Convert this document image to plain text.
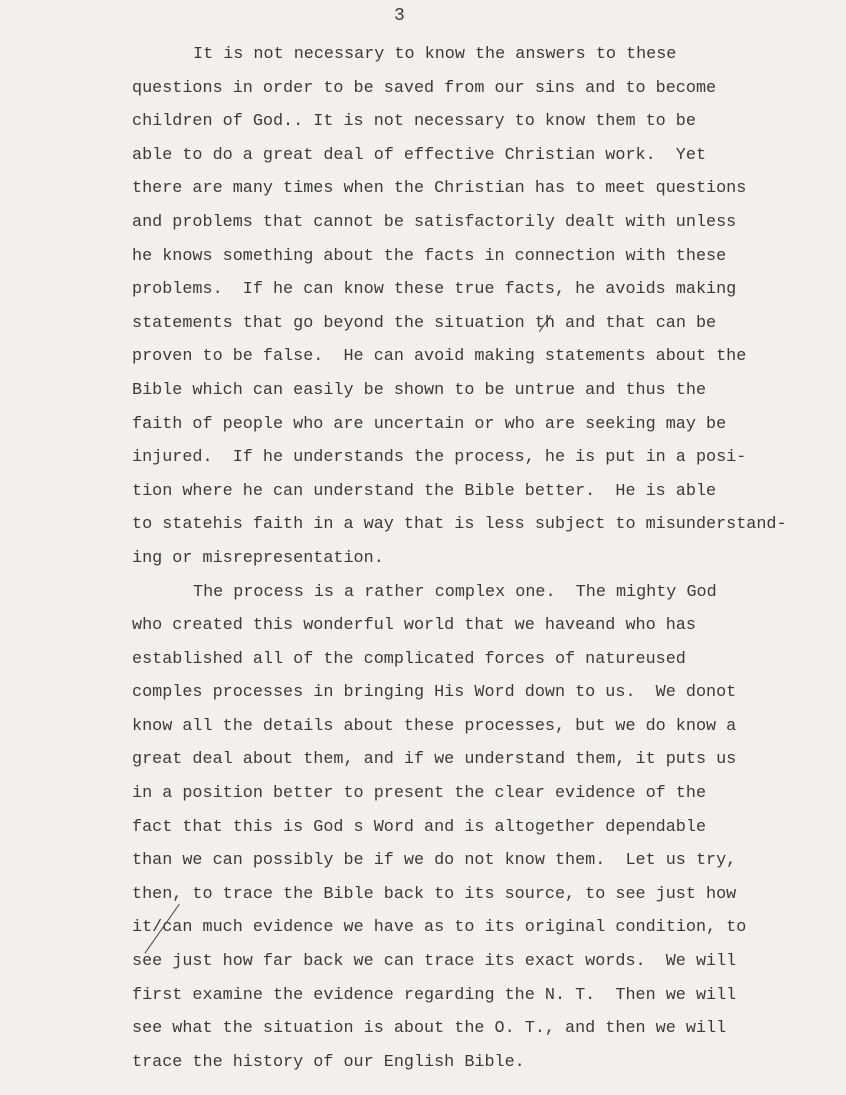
3
It is not necessary to know the answers to these
questions in order to be saved from our sins and to become
children of God.. It is not necessary to know them to be
able to do a great deal of effective Christian work.  Yet
there are many times when the Christian has to meet questions
and problems that cannot be satisfactorily dealt with unless
he knows something about the facts in connection with these
problems.  If he can know these true facts, he avoids making
statements that go beyond the situation th and that can be
proven to be false.  He can avoid making statements about the
Bible which can easily be shown to be untrue and thus the
faith of people who are uncertain or who are seeking may be
injured.  If he understands the process, he is put in a posi-
tion where he can understand the Bible better.  He is able
to statehis faith in a way that is less subject to misunderstand-
ing or misrepresentation.
The process is a rather complex one.  The mighty God
who created this wonderful world that we haveand who has
established all of the complicated forces of natureused
comples processes in bringing His Word down to us.  We donot
know all the details about these processes, but we do know a
great deal about them, and if we understand them, it puts us
in a position better to present the clear evidence of the
fact that this is God s Word and is altogether dependable
than we can possibly be if we do not know them.  Let us try,
then, to trace the Bible back to its source, to see just how
it/can much evidence we have as to its original condition, to
see just how far back we can trace its exact words.  We will
first examine the evidence regarding the N. T.  Then we will
see what the situation is about the O. T., and then we will
trace the history of our English Bible.
